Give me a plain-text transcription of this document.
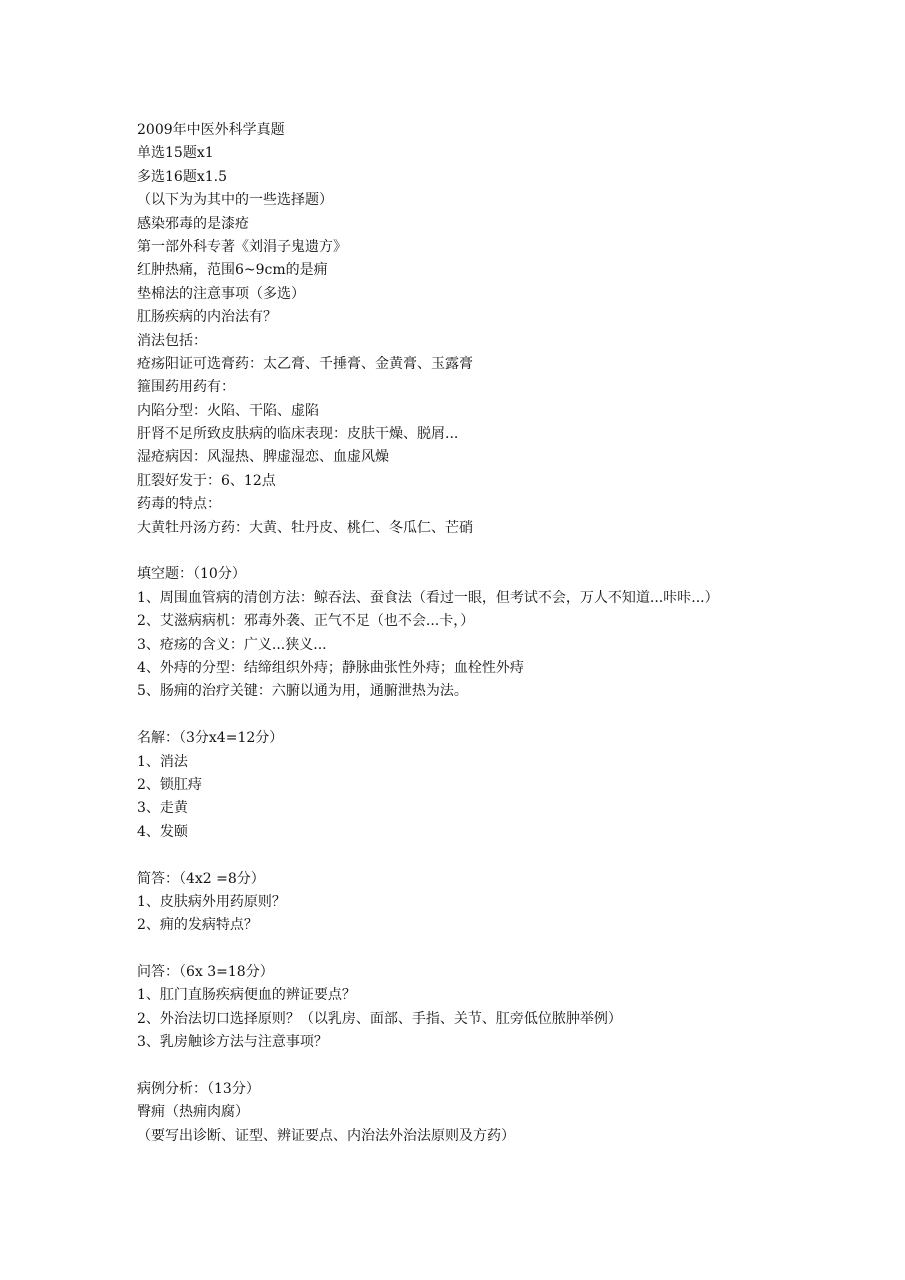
2009年中医外科学真题
单选15题x1
多选16题x1.5
（以下为为其中的一些选择题）
感染邪毒的是漆疮
第一部外科专著《刘涓子鬼遗方》
红肿热痛，范围6~9cm的是痈
垫棉法的注意事项（多选）
肛肠疾病的内治法有？
消法包括：
疮疡阳证可选膏药：太乙膏、千捶膏、金黄膏、玉露膏
箍围药用药有：
内陷分型：火陷、干陷、虚陷
肝肾不足所致皮肤病的临床表现：皮肤干燥、脱屑...
湿疮病因：风湿热、脾虚湿恋、血虚风燥
肛裂好发于：6、12点
药毒的特点：
大黄牡丹汤方药：大黄、牡丹皮、桃仁、冬瓜仁、芒硝
填空题：（10分）
1、周围血管病的清创方法：鲸吞法、蚕食法（看过一眼，但考试不会，万人不知道...咔咔...）
2、艾滋病病机：邪毒外袭、正气不足（也不会...卡，）
3、疮疡的含义：广义...狭义...
4、外痔的分型：结缔组织外痔；静脉曲张性外痔；血栓性外痔
5、肠痈的治疗关键：六腑以通为用，通腑泄热为法。
名解：（3分x4=12分）
1、消法
2、锁肛痔
3、走黄
4、发颐
简答：（4x2 =8分）
1、皮肤病外用药原则？
2、痈的发病特点？
问答：（6x 3=18分）
1、肛门直肠疾病便血的辨证要点？
2、外治法切口选择原则？（以乳房、面部、手指、关节、肛旁低位脓肿举例）
3、乳房触诊方法与注意事项？
病例分析：（13分）
臀痈（热痈肉腐）
（要写出诊断、证型、辨证要点、内治法外治法原则及方药）
